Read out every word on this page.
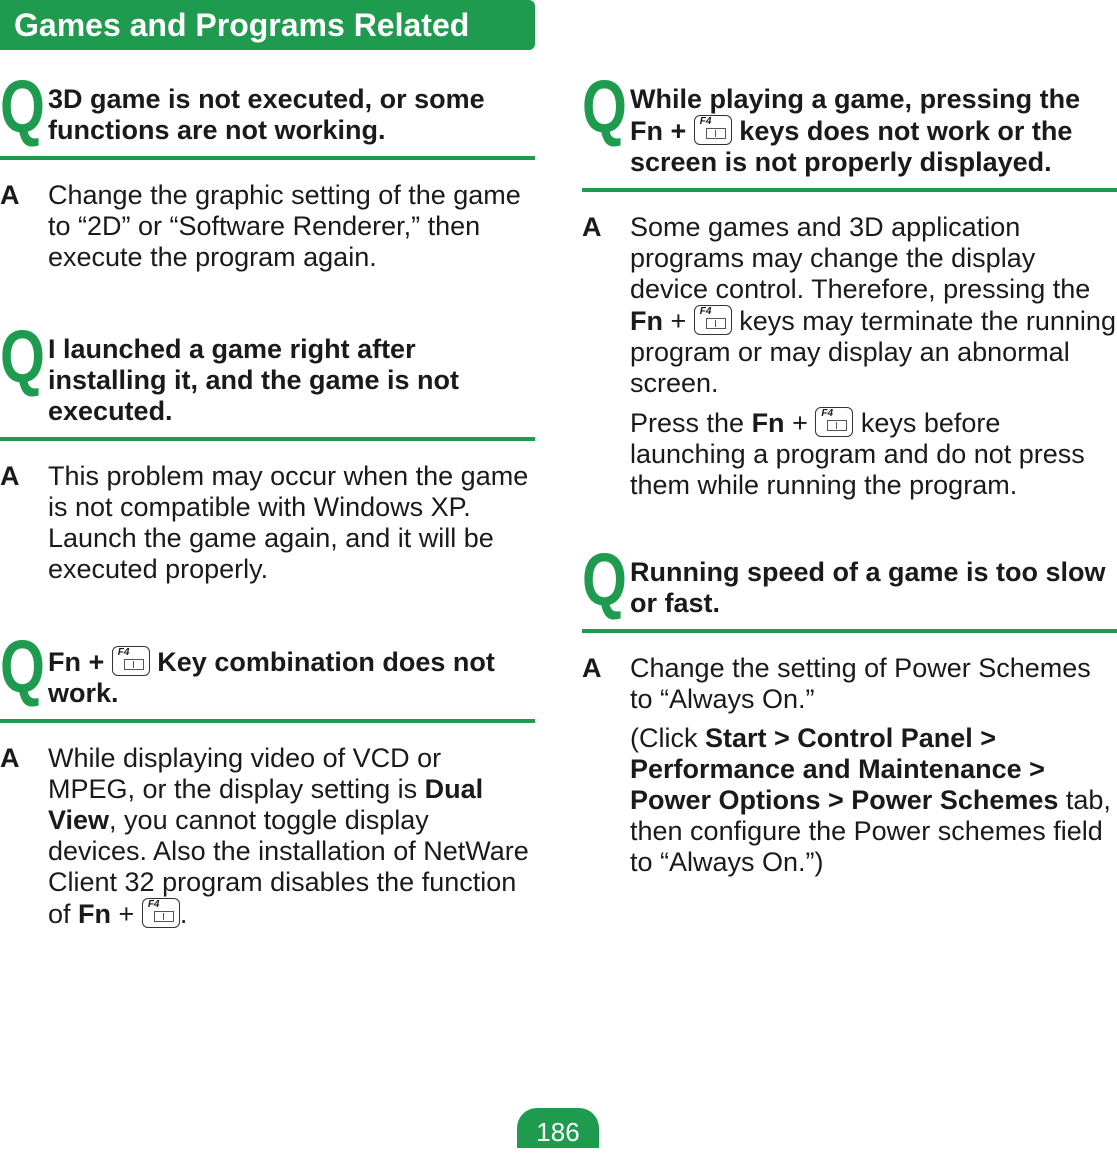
Games and Programs Related
Q 3D game is not executed, or some functions are not working.
A Change the graphic setting of the game to “2D” or “Software Renderer,” then execute the program again.

Q I launched a game right after installing it, and the game is not executed.
A This problem may occur when the game is not compatible with Windows XP. Launch the game again, and it will be executed properly.

Q Fn + F4 Key combination does not work.
A While displaying video of VCD or MPEG, or the display setting is Dual View, you cannot toggle display devices. Also the installation of NetWare Client 32 program disables the function of Fn + F4 .

Q While playing a game, pressing the Fn + F4 keys does not work or the screen is not properly displayed.
A Some games and 3D application programs may change the display device control. Therefore, pressing the Fn + F4 keys may terminate the running program or may display an abnormal screen.

Press the Fn + F4 keys before launching a program and do not press them while running the program.

Q Running speed of a game is too slow or fast.
A Change the setting of Power Schemes to “Always On.”

(Click Start > Control Panel > Performance and Maintenance > Power Options > Power Schemes tab, then configure the Power schemes field to “Always On.”)

186
